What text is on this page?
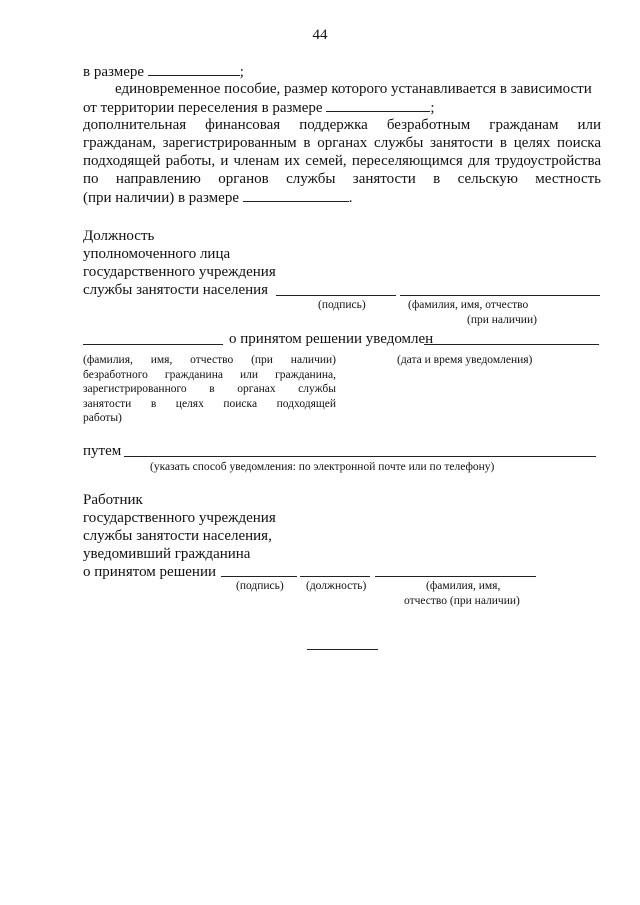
44
в размере	;
единовременное пособие, размер которого устанавливается в зависимости
от территории переселения в размере	;
дополнительная финансовая поддержка безработным гражданам или
гражданам, зарегистрированным в органах службы занятости в целях поиска
подходящей работы, и членам их семей, переселяющимся для трудоустройства
по направлению органов службы занятости в сельскую местность
(при наличии) в размере	.
Должность
уполномоченного лица
государственного учреждения
службы занятости населения
(подпись)	(фамилия, имя, отчество
(при наличии)
о принятом решении уведомлен
(фамилия, имя, отчество (при наличии)
безработного гражданина или гражданина,
зарегистрированного в органах службы
занятости в целях поиска подходящей
работы)
(дата и время уведомления)
путем
(указать способ уведомления: по электронной почте или по телефону)
Работник
государственного учреждения
службы занятости населения,
уведомивший гражданина
о принятом решении
(подпись) (должность)	(фамилия, имя,
отчество (при наличии)
